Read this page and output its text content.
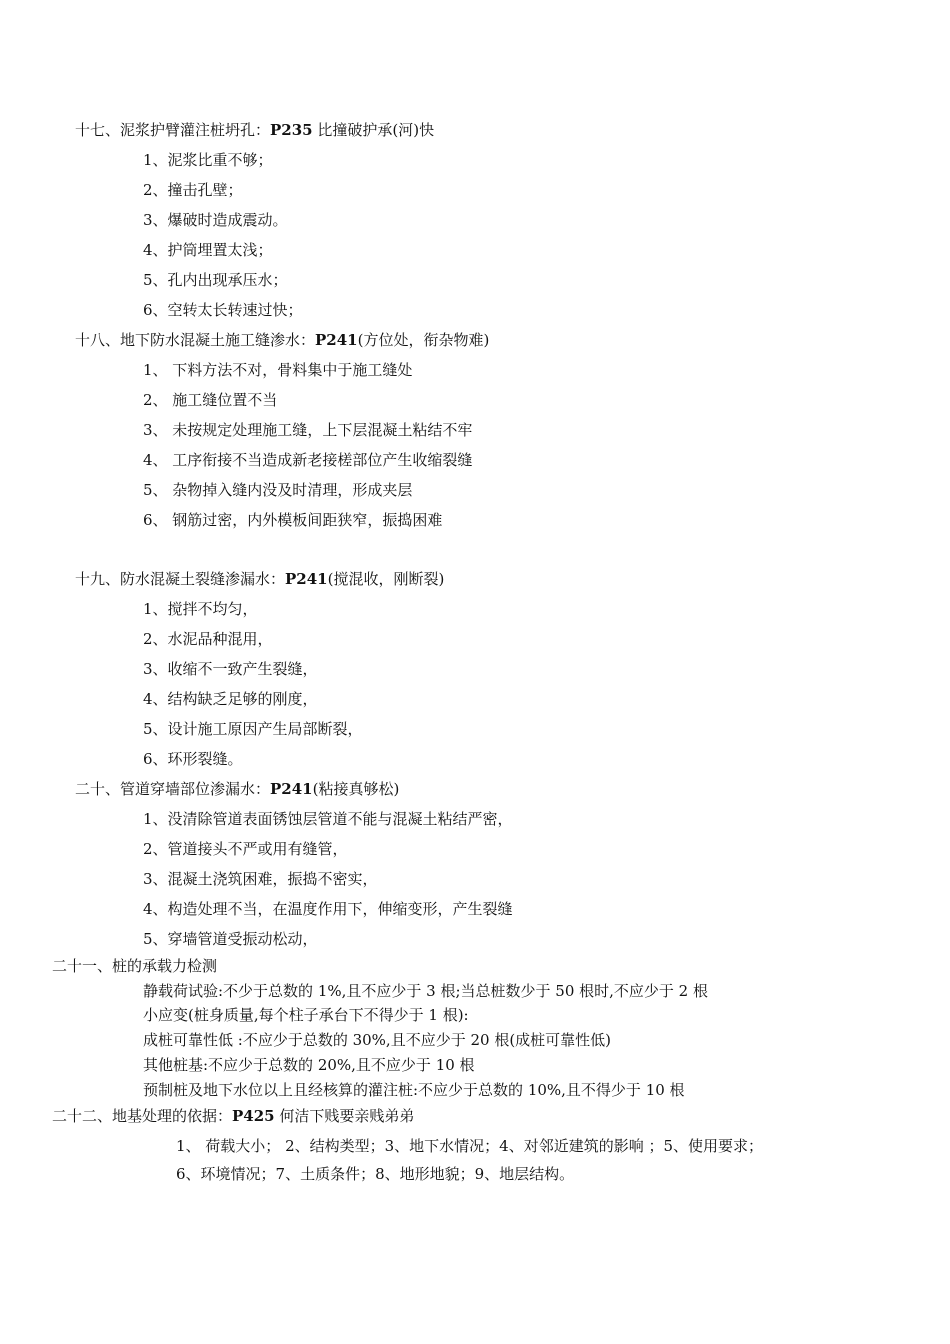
十七、泥浆护臂灌注桩坍孔：P235 比撞破护承(河)快
1、泥浆比重不够；
2、撞击孔壁；
3、爆破时造成震动。
4、护筒埋置太浅；
5、孔内出现承压水；
6、空转太长转速过快；
十八、地下防水混凝土施工缝渗水：P241(方位处，衔杂物难)
1、 下料方法不对，骨料集中于施工缝处
2、 施工缝位置不当
3、 未按规定处理施工缝，上下层混凝土粘结不牢
4、 工序衔接不当造成新老接槎部位产生收缩裂缝
5、 杂物掉入缝内没及时清理，形成夹层
6、 钢筋过密，内外模板间距狭窄，振捣困难
十九、防水混凝土裂缝渗漏水：P241(搅混收，刚断裂)
1、搅拌不均匀，
2、水泥品种混用，
3、收缩不一致产生裂缝，
4、结构缺乏足够的刚度，
5、设计施工原因产生局部断裂，
6、环形裂缝。
二十、管道穿墙部位渗漏水：P241(粘接真够松)
1、没清除管道表面锈蚀层管道不能与混凝土粘结严密，
2、管道接头不严或用有缝管，
3、混凝土浇筑困难，振捣不密实，
4、构造处理不当，在温度作用下，伸缩变形，产生裂缝
5、穿墙管道受振动松动，
二十一、桩的承载力检测
静载荷试验:不少于总数的 1%,且不应少于 3 根;当总桩数少于 50 根时,不应少于 2 根
小应变(桩身质量,每个柱子承台下不得少于 1 根):
成桩可靠性低 :不应少于总数的 30%,且不应少于 20 根(成桩可靠性低)
其他桩基:不应少于总数的 20%,且不应少于 10 根
预制桩及地下水位以上且经核算的灌注桩:不应少于总数的 10%,且不得少于 10 根
二十二、地基处理的依据：P425 何洁下贱要亲贱弟弟
1、 荷载大小； 2、结构类型；3、地下水情况；4、对邻近建筑的影响 ；5、使用要求；
6、环境情况；7、土质条件；8、地形地貌；9、地层结构。
